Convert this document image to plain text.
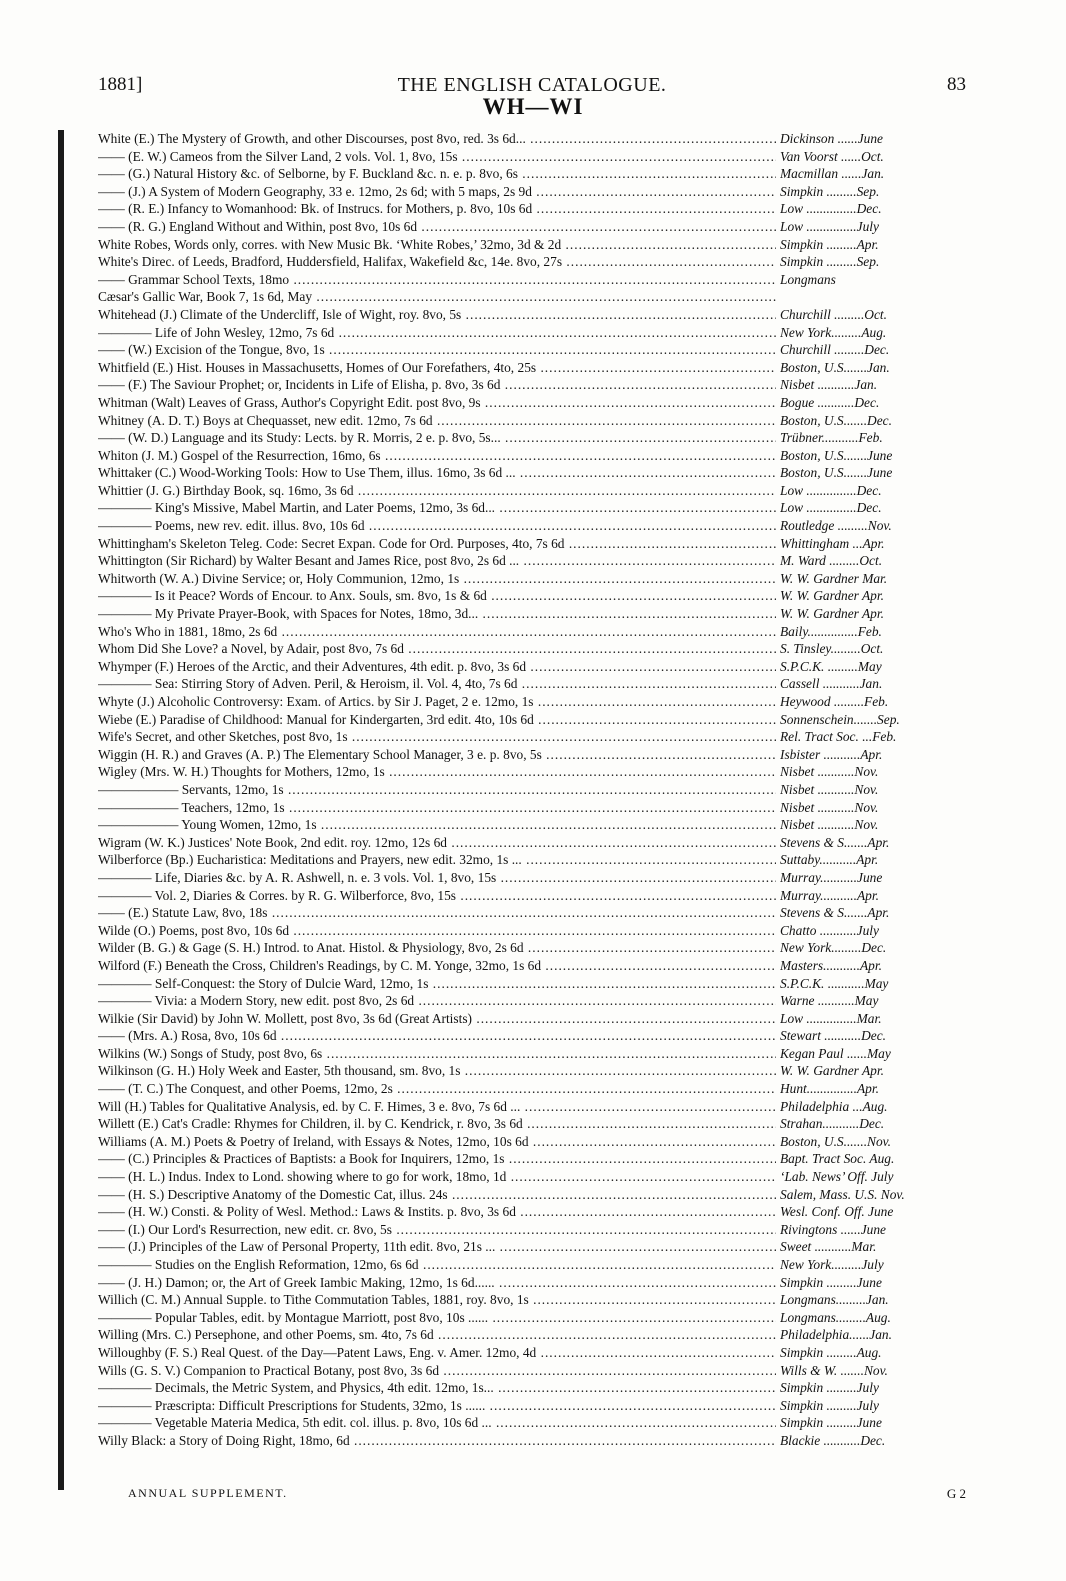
1881]	THE ENGLISH CATALOGUE.	83
WH—WI
White (E.) The Mystery of Growth, and other Discourses, post 8vo, red. 3s 6d... .....	Dickinson ......June
—— (E. W.) Cameos from the Silver Land, 2 vols. Vol. 1, 8vo, 15s .....	Van Voorst ......Oct.
—— (G.) Natural History &c. of Selborne, by F. Buckland &c. n. e. p. 8vo, 6s .....	Macmillan ......Jan.
—— (J.) A System of Modern Geography, 33 e. 12mo, 2s 6d; with 5 maps, 2s 9d .....	Simpkin .........Sep.
—— (R. E.) Infancy to Womanhood: Bk. of Instrucs. for Mothers, p. 8vo, 10s 6d .....	Low ...............Dec.
—— (R. G.) England Without and Within, post 8vo, 10s 6d .....	Low ...............July
White Robes, Words only, corres. with New Music Bk. ‘White Robes,’ 32mo, 3d & 2d .....	Simpkin .........Apr.
White's Direc. of Leeds, Bradford, Huddersfield, Halifax, Wakefield &c, 14e. 8vo, 27s .....	Simpkin .........Sep.
—— Grammar School Texts, 18mo .....	Longmans
Cæsar's Gallic War, Book 7, 1s 6d, May .....
Whitehead (J.) Climate of the Undercliff, Isle of Wight, roy. 8vo, 5s .....	Churchill .........Oct.
———— Life of John Wesley, 12mo, 7s 6d .....	New York.........Aug.
—— (W.) Excision of the Tongue, 8vo, 1s .....	Churchill .........Dec.
Whitfield (E.) Hist. Houses in Massachusetts, Homes of Our Forefathers, 4to, 25s .....	Boston, U.S.......Jan.
—— (F.) The Saviour Prophet; or, Incidents in Life of Elisha, p. 8vo, 3s 6d .....	Nisbet ...........Jan.
Whitman (Walt) Leaves of Grass, Author's Copyright Edit. post 8vo, 9s .....	Bogue ...........Dec.
Whitney (A. D. T.) Boys at Chequasset, new edit. 12mo, 7s 6d .....	Boston, U.S.......Dec.
—— (W. D.) Language and its Study: Lects. by R. Morris, 2 e. p. 8vo, 5s... .....	Trübner...........Feb.
Whiton (J. M.) Gospel of the Resurrection, 16mo, 6s .....	Boston, U.S.......June
Whittaker (C.) Wood-Working Tools: How to Use Them, illus. 16mo, 3s 6d ... .....	Boston, U.S.......June
Whittier (J. G.) Birthday Book, sq. 16mo, 3s 6d .....	Low ...............Dec.
———— King's Missive, Mabel Martin, and Later Poems, 12mo, 3s 6d... .....	Low ...............Dec.
———— Poems, new rev. edit. illus. 8vo, 10s 6d .....	Routledge .........Nov.
Whittingham's Skeleton Teleg. Code: Secret Expan. Code for Ord. Purposes, 4to, 7s 6d .....	Whittingham ...Apr.
Whittington (Sir Richard) by Walter Besant and James Rice, post 8vo, 2s 6d ... .....	M. Ward .........Oct.
Whitworth (W. A.) Divine Service; or, Holy Communion, 12mo, 1s .....	W. W. Gardner Mar.
———— Is it Peace? Words of Encour. to Anx. Souls, sm. 8vo, 1s & 6d .....	W. W. Gardner Apr.
———— My Private Prayer-Book, with Spaces for Notes, 18mo, 3d... .....	W. W. Gardner Apr.
Who's Who in 1881, 18mo, 2s 6d .....	Baily...............Feb.
Whom Did She Love? a Novel, by Adair, post 8vo, 7s 6d .....	S. Tinsley.........Oct.
Whymper (F.) Heroes of the Arctic, and their Adventures, 4th edit. p. 8vo, 3s 6d .....	S.P.C.K. .........May
———— Sea: Stirring Story of Adven. Peril, & Heroism, il. Vol. 4, 4to, 7s 6d .....	Cassell ...........Jan.
Whyte (J.) Alcoholic Controversy: Exam. of Artics. by Sir J. Paget, 2 e. 12mo, 1s .....	Heywood .........Feb.
Wiebe (E.) Paradise of Childhood: Manual for Kindergarten, 3rd edit. 4to, 10s 6d .....	Sonnenschein.......Sep.
Wife's Secret, and other Sketches, post 8vo, 1s .....	Rel. Tract Soc. ...Feb.
Wiggin (H. R.) and Graves (A. P.) The Elementary School Manager, 3 e. p. 8vo, 5s .....	Isbister ...........Apr.
Wigley (Mrs. W. H.) Thoughts for Mothers, 12mo, 1s .....	Nisbet ...........Nov.
—————— Servants, 12mo, 1s .....	Nisbet ...........Nov.
—————— Teachers, 12mo, 1s .....	Nisbet ...........Nov.
—————— Young Women, 12mo, 1s .....	Nisbet ...........Nov.
Wigram (W. K.) Justices' Note Book, 2nd edit. roy. 12mo, 12s 6d .....	Stevens & S.......Apr.
Wilberforce (Bp.) Eucharistica: Meditations and Prayers, new edit. 32mo, 1s ... .....	Suttaby...........Apr.
———— Life, Diaries &c. by A. R. Ashwell, n. e. 3 vols. Vol. 1, 8vo, 15s .....	Murray...........June
———— Vol. 2, Diaries & Corres. by R. G. Wilberforce, 8vo, 15s .....	Murray...........Apr.
—— (E.) Statute Law, 8vo, 18s .....	Stevens & S.......Apr.
Wilde (O.) Poems, post 8vo, 10s 6d .....	Chatto ...........July
Wilder (B. G.) & Gage (S. H.) Introd. to Anat. Histol. & Physiology, 8vo, 2s 6d .....	New York.........Dec.
Wilford (F.) Beneath the Cross, Children's Readings, by C. M. Yonge, 32mo, 1s 6d .....	Masters...........Apr.
———— Self-Conquest: the Story of Dulcie Ward, 12mo, 1s .....	S.P.C.K. ...........May
———— Vivia: a Modern Story, new edit. post 8vo, 2s 6d .....	Warne ...........May
Wilkie (Sir David) by John W. Mollett, post 8vo, 3s 6d (Great Artists) .....	Low ...............Mar.
—— (Mrs. A.) Rosa, 8vo, 10s 6d .....	Stewart ...........Dec.
Wilkins (W.) Songs of Study, post 8vo, 6s .....	Kegan Paul ......May
Wilkinson (G. H.) Holy Week and Easter, 5th thousand, sm. 8vo, 1s .....	W. W. Gardner Apr.
—— (T. C.) The Conquest, and other Poems, 12mo, 2s .....	Hunt...............Apr.
Will (H.) Tables for Qualitative Analysis, ed. by C. F. Himes, 3 e. 8vo, 7s 6d ... .....	Philadelphia ...Aug.
Willett (E.) Cat's Cradle: Rhymes for Children, il. by C. Kendrick, r. 8vo, 3s 6d .....	Strahan...........Dec.
Williams (A. M.) Poets & Poetry of Ireland, with Essays & Notes, 12mo, 10s 6d .....	Boston, U.S.......Nov.
—— (C.) Principles & Practices of Baptists: a Book for Inquirers, 12mo, 1s .....	Bapt. Tract Soc. Aug.
—— (H. L.) Indus. Index to Lond. showing where to go for work, 18mo, 1d .....	‘Lab. News’ Off. July
—— (H. S.) Descriptive Anatomy of the Domestic Cat, illus. 24s .....	Salem, Mass. U.S. Nov.
—— (H. W.) Consti. & Polity of Wesl. Method.: Laws & Instits. p. 8vo, 3s 6d .....	Wesl. Conf. Off. June
—— (I.) Our Lord's Resurrection, new edit. cr. 8vo, 5s .....	Rivingtons ......June
—— (J.) Principles of the Law of Personal Property, 11th edit. 8vo, 21s ... .....	Sweet ...........Mar.
———— Studies on the English Reformation, 12mo, 6s 6d .....	New York.........July
—— (J. H.) Damon; or, the Art of Greek Iambic Making, 12mo, 1s 6d...... .....	Simpkin .........June
Willich (C. M.) Annual Supple. to Tithe Commutation Tables, 1881, roy. 8vo, 1s .....	Longmans.........Jan.
———— Popular Tables, edit. by Montague Marriott, post 8vo, 10s ...... .....	Longmans.........Aug.
Willing (Mrs. C.) Persephone, and other Poems, sm. 4to, 7s 6d .....	Philadelphia......Jan.
Willoughby (F. S.) Real Quest. of the Day—Patent Laws, Eng. v. Amer. 12mo, 4d .....	Simpkin .........Aug.
Wills (G. S. V.) Companion to Practical Botany, post 8vo, 3s 6d .....	Wills & W. .......Nov.
———— Decimals, the Metric System, and Physics, 4th edit. 12mo, 1s... .....	Simpkin .........July
———— Præscripta: Difficult Prescriptions for Students, 32mo, 1s ...... .....	Simpkin .........July
———— Vegetable Materia Medica, 5th edit. col. illus. p. 8vo, 10s 6d ... .....	Simpkin .........June
Willy Black: a Story of Doing Right, 18mo, 6d .....	Blackie ...........Dec.
ANNUAL SUPPLEMENT.	G 2
